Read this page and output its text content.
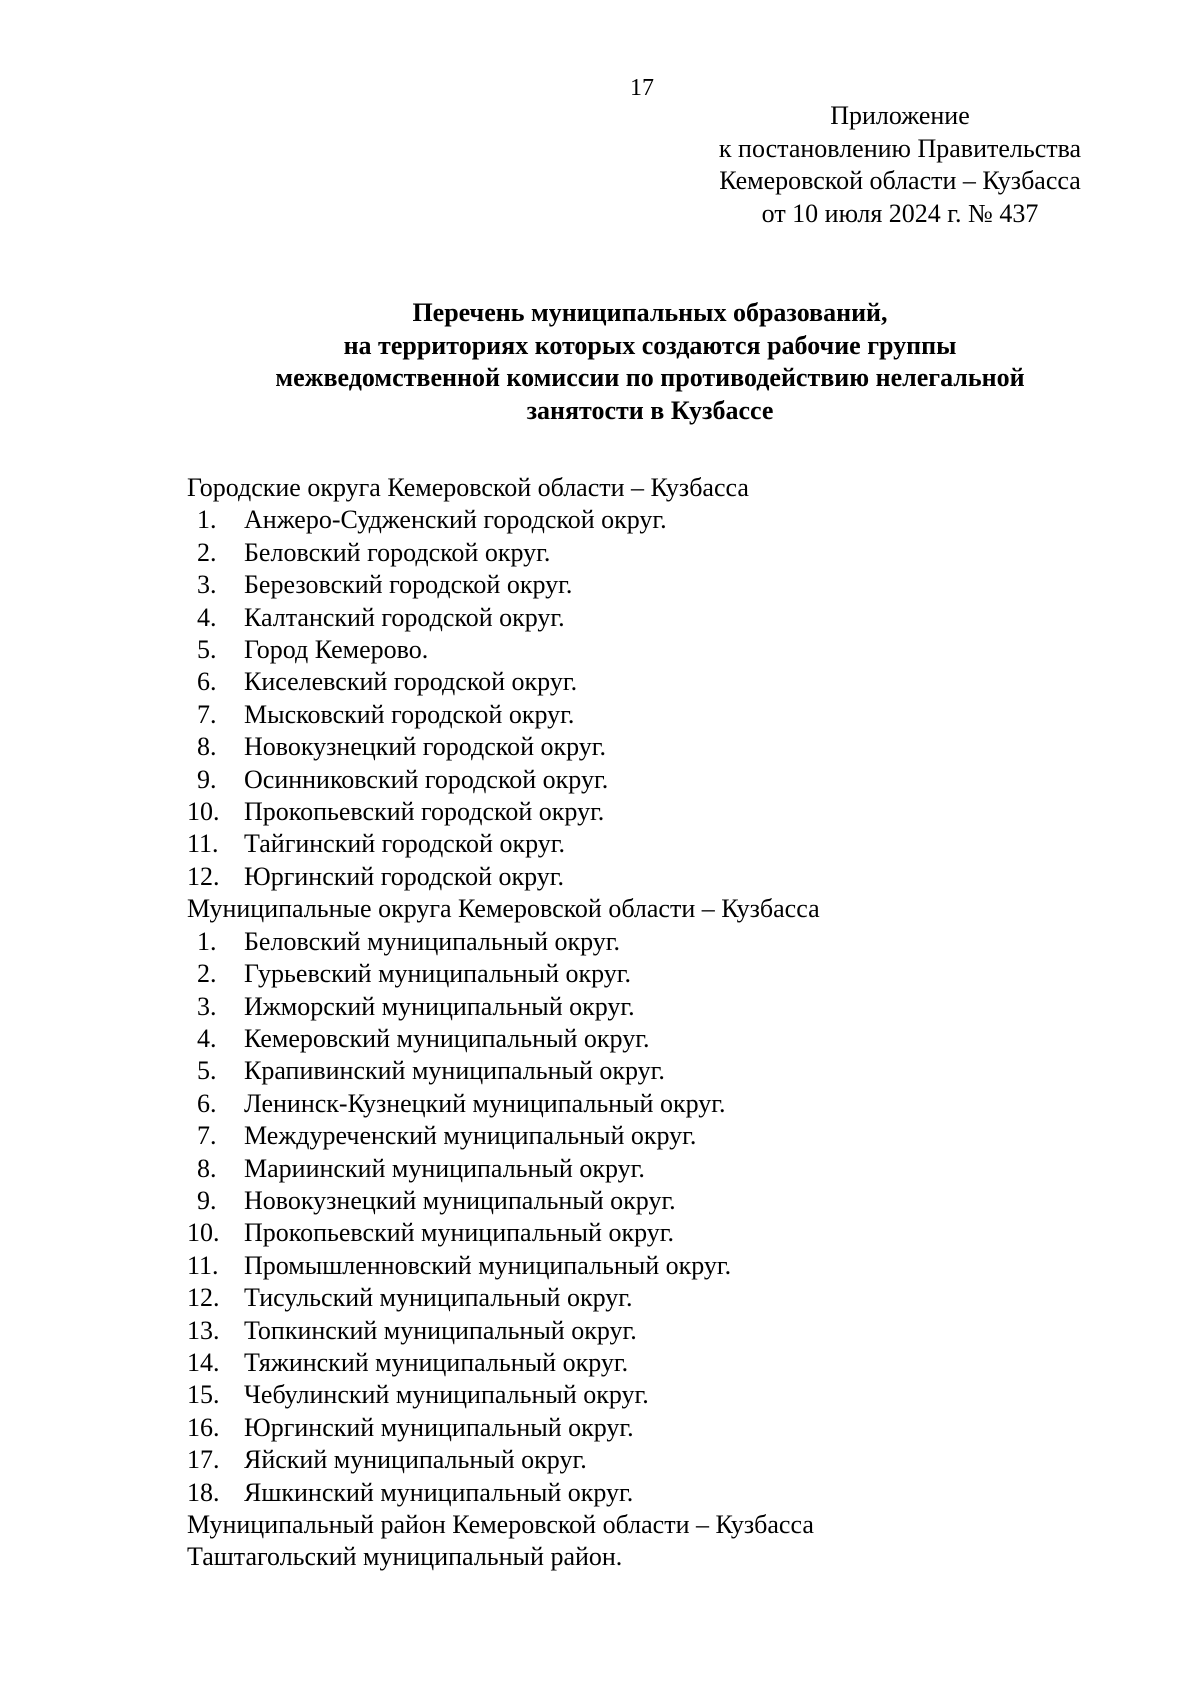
17
Приложение
к постановлению Правительства
Кемеровской области – Кузбасса
от 10 июля 2024 г. № 437
Перечень муниципальных образований,
на территориях которых создаются рабочие группы
межведомственной комиссии по противодействию нелегальной
занятости в Кузбассе
Городские округа Кемеровской области – Кузбасса
1.	Анжеро-Судженский городской округ.
2.	Беловский городской округ.
3.	Березовский городской округ.
4.	Калтанский городской округ.
5.	Город Кемерово.
6.	Киселевский городской округ.
7.	Мысковский городской округ.
8.	Новокузнецкий городской округ.
9.	Осинниковский городской округ.
10. Прокопьевский городской округ.
11. Тайгинский городской округ.
12. Юргинский городской округ.
Муниципальные округа Кемеровской области – Кузбасса
1.	Беловский муниципальный округ.
2.	Гурьевский муниципальный округ.
3.	Ижморский муниципальный округ.
4.	Кемеровский муниципальный округ.
5.	Крапивинский муниципальный округ.
6.	Ленинск-Кузнецкий муниципальный округ.
7.	Междуреченский муниципальный округ.
8.	Мариинский муниципальный округ.
9.	Новокузнецкий муниципальный округ.
10. Прокопьевский муниципальный округ.
11. Промышленновский муниципальный округ.
12. Тисульский муниципальный округ.
13. Топкинский муниципальный округ.
14. Тяжинский муниципальный округ.
15. Чебулинский муниципальный округ.
16. Юргинский муниципальный округ.
17. Яйский муниципальный округ.
18. Яшкинский муниципальный округ.
Муниципальный район Кемеровской области – Кузбасса
Таштагольский муниципальный район.
